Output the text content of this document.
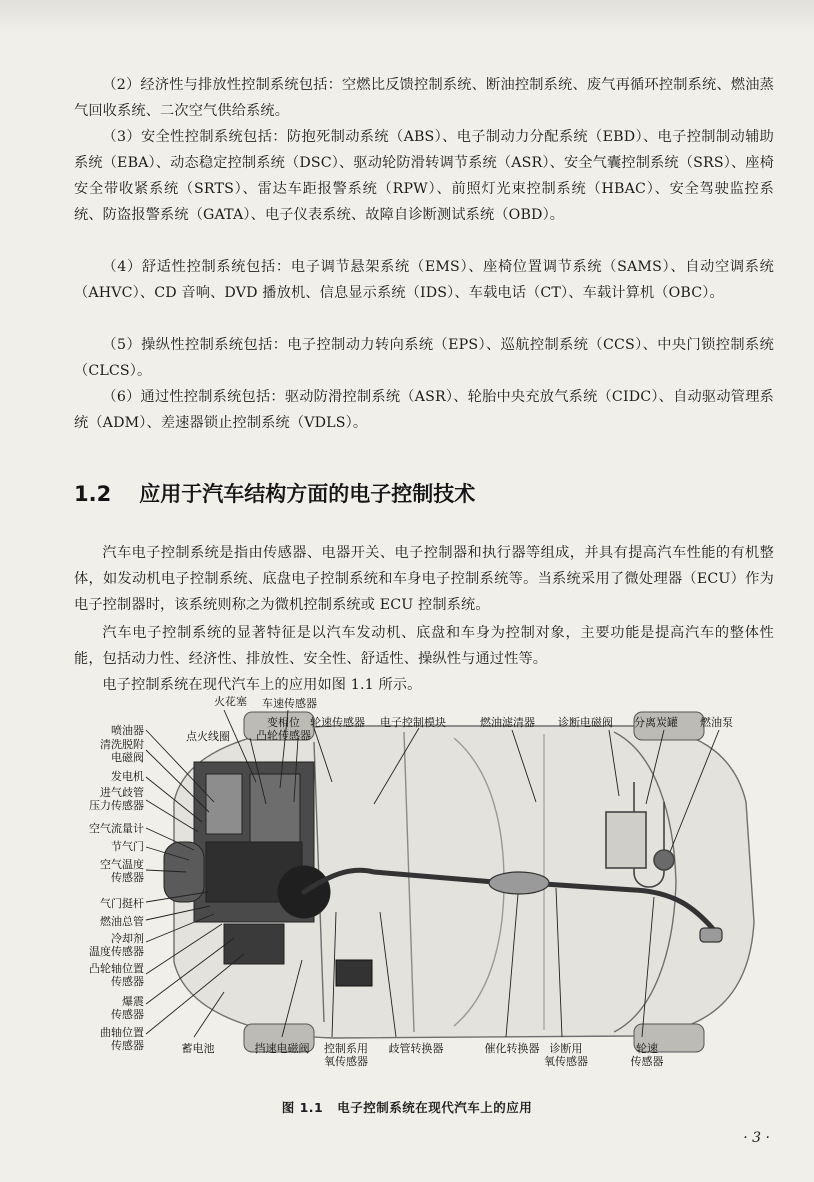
（2）经济性与排放性控制系统包括：空燃比反馈控制系统、断油控制系统、废气再循环控制系统、燃油蒸气回收系统、二次空气供给系统。

（3）安全性控制系统包括：防抱死制动系统（ABS）、电子制动力分配系统（EBD）、电子控制制动辅助系统（EBA）、动态稳定控制系统（DSC）、驱动轮防滑转调节系统（ASR）、安全气囊控制系统（SRS）、座椅安全带收紧系统（SRTS）、雷达车距报警系统（RPW）、前照灯光束控制系统（HBAC）、安全驾驶监控系统、防盗报警系统（GATA）、电子仪表系统、故障自诊断测试系统（OBD）。

（4）舒适性控制系统包括：电子调节悬架系统（EMS）、座椅位置调节系统（SAMS）、自动空调系统（AHVC）、CD 音响、DVD 播放机、信息显示系统（IDS）、车载电话（CT）、车载计算机（OBC）。

（5）操纵性控制系统包括：电子控制动力转向系统（EPS）、巡航控制系统（CCS）、中央门锁控制系统（CLCS）。

（6）通过性控制系统包括：驱动防滑控制系统（ASR）、轮胎中央充放气系统（CIDC）、自动驱动管理系统（ADM）、差速器锁止控制系统（VDLS）。

1.2 应用于汽车结构方面的电子控制技术

汽车电子控制系统是指由传感器、电器开关、电子控制器和执行器等组成，并具有提高汽车性能的有机整体，如发动机电子控制系统、底盘电子控制系统和车身电子控制系统等。当系统采用了微处理器（ECU）作为电子控制器时，该系统则称之为微机控制系统或 ECU 控制系统。

汽车电子控制系统的显著特征是以汽车发动机、底盘和车身为控制对象，主要功能是提高汽车的整体性能，包括动力性、经济性、排放性、安全性、舒适性、操纵性与通过性等。

电子控制系统在现代汽车上的应用如图 1.1 所示。

火花塞 车速传感器
点火线圈
变相位
凸轮传感器
轮速传感器 电子控制模块	燃油滤清器 诊断电磁阀 分离炭罐 燃油泵
喷油器
清洗脱附
电磁阀
发电机
进气歧管
压力传感器
空气流量计
节气门
空气温度
传感器
气门挺杆
燃油总管
冷却剂
温度传感器
凸轮轴位置
传感器
爆震
传感器
曲轴位置
传感器	蓄电池	挡速电磁阀	控制系用
氧传感器
歧管转换器	催化转换器 诊断用
氧传感器
轮速
传感器
图 1.1 电子控制系统在现代汽车上的应用
· 3 ·
